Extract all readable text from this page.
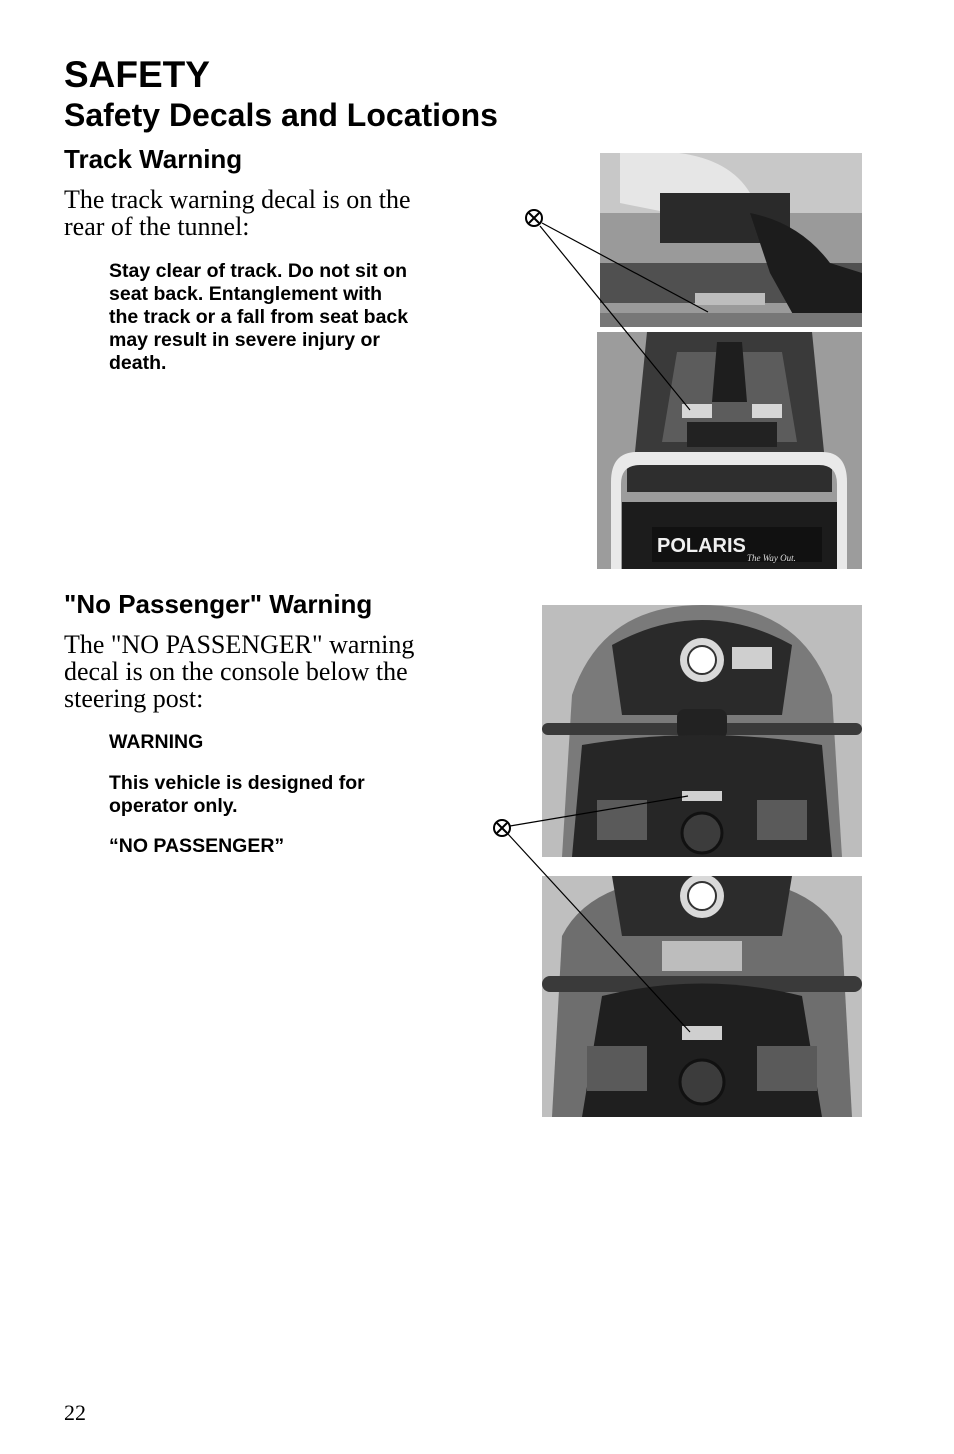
SAFETY
Safety Decals and Locations
Track Warning

The track warning decal is on the rear of the tunnel:

Stay clear of track. Do not sit on

seat back. Entanglement with

the track or a fall from seat back

may result in severe injury or

death.

POLARIS
The Way Out.
"No Passenger" Warning

The "NO PASSENGER" warning decal is on the console below the steering post:

WARNING

This vehicle is designed for

operator only.

“NO PASSENGER”

22
